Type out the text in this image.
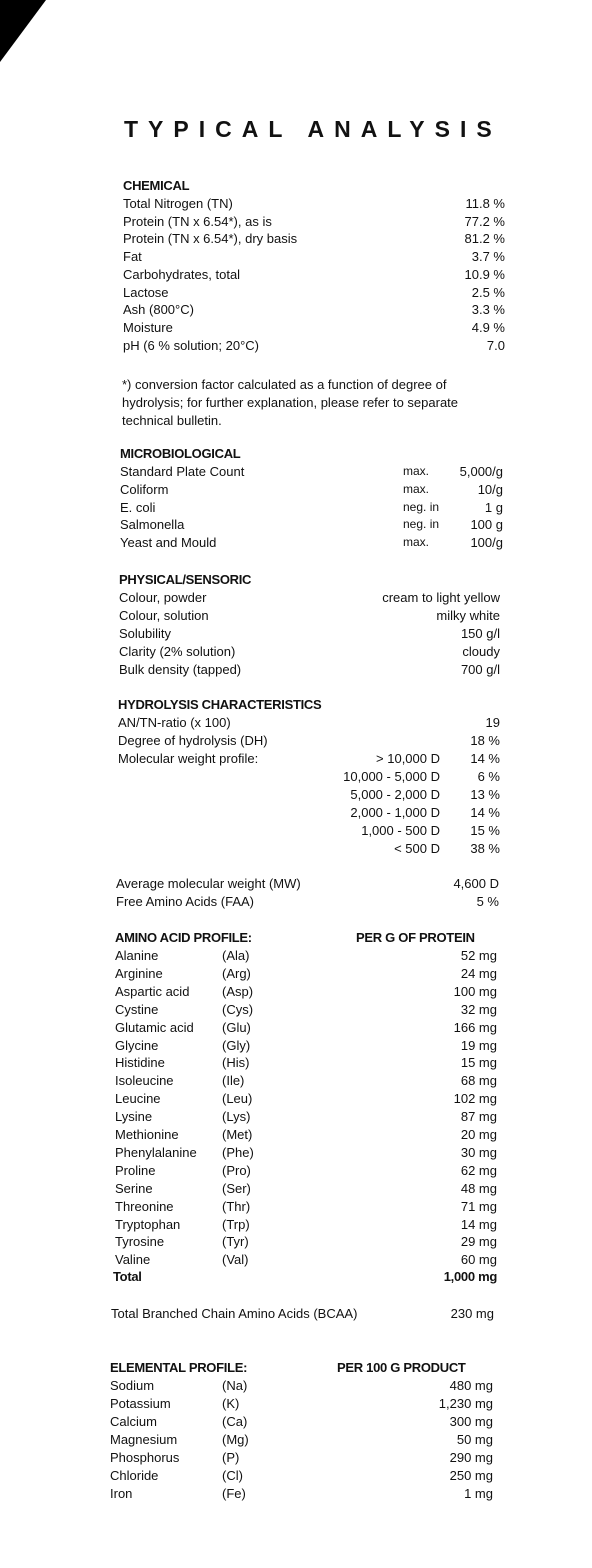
TYPICAL ANALYSIS
CHEMICAL
Total Nitrogen (TN)	11.8 %
Protein (TN x 6.54*), as is	77.2 %
Protein (TN x 6.54*), dry basis	81.2 %
Fat	3.7 %
Carbohydrates, total	10.9 %
Lactose	2.5 %
Ash (800°C)	3.3 %
Moisture	4.9 %
pH (6 % solution; 20°C)	7.0
*) conversion factor calculated as a function of degree of hydrolysis; for further explanation, please refer to separate technical bulletin.
MICROBIOLOGICAL
Standard Plate Count	max.	5,000/g
Coliform	max.	10/g
E. coli	neg. in	1 g
Salmonella	neg. in	100 g
Yeast and Mould	max.	100/g
PHYSICAL/SENSORIC
Colour, powder	cream to light yellow
Colour, solution	milky white
Solubility	150 g/l
Clarity (2% solution)	cloudy
Bulk density (tapped)	700 g/l
HYDROLYSIS CHARACTERISTICS
AN/TN-ratio (x 100)	19
Degree of hydrolysis (DH)	18 %
Molecular weight profile:	> 10,000 D	14 %
10,000 - 5,000 D	6 %
5,000 - 2,000 D	13 %
2,000 - 1,000 D	14 %
1,000 - 500 D	15 %
< 500 D	38 %
Average molecular weight (MW)	4,600 D
Free Amino Acids (FAA)	5 %
AMINO ACID PROFILE:	PER G OF PROTEIN
Alanine	(Ala)	52 mg
Arginine	(Arg)	24 mg
Aspartic acid	(Asp)	100 mg
Cystine	(Cys)	32 mg
Glutamic acid (Glu)	166 mg
Glycine	(Gly)	19 mg
Histidine	(His)	15 mg
Isoleucine	(Ile)	68 mg
Leucine	(Leu)	102 mg
Lysine	(Lys)	87 mg
Methionine	(Met)	20 mg
Phenylalanine (Phe)	30 mg
Proline	(Pro)	62 mg
Serine	(Ser)	48 mg
Threonine	(Thr)	71 mg
Tryptophan	(Trp)	14 mg
Tyrosine	(Tyr)	29 mg
Valine	(Val)	60 mg
Total	1,000 mg
Total Branched Chain Amino Acids (BCAA)	230 mg
ELEMENTAL PROFILE:	PER 100 G PRODUCT
Sodium	(Na)	480 mg
Potassium	(K)	1,230 mg
Calcium	(Ca)	300 mg
Magnesium	(Mg)	50 mg
Phosphorus	(P)	290 mg
Chloride	(Cl)	250 mg
Iron	(Fe)	1 mg
